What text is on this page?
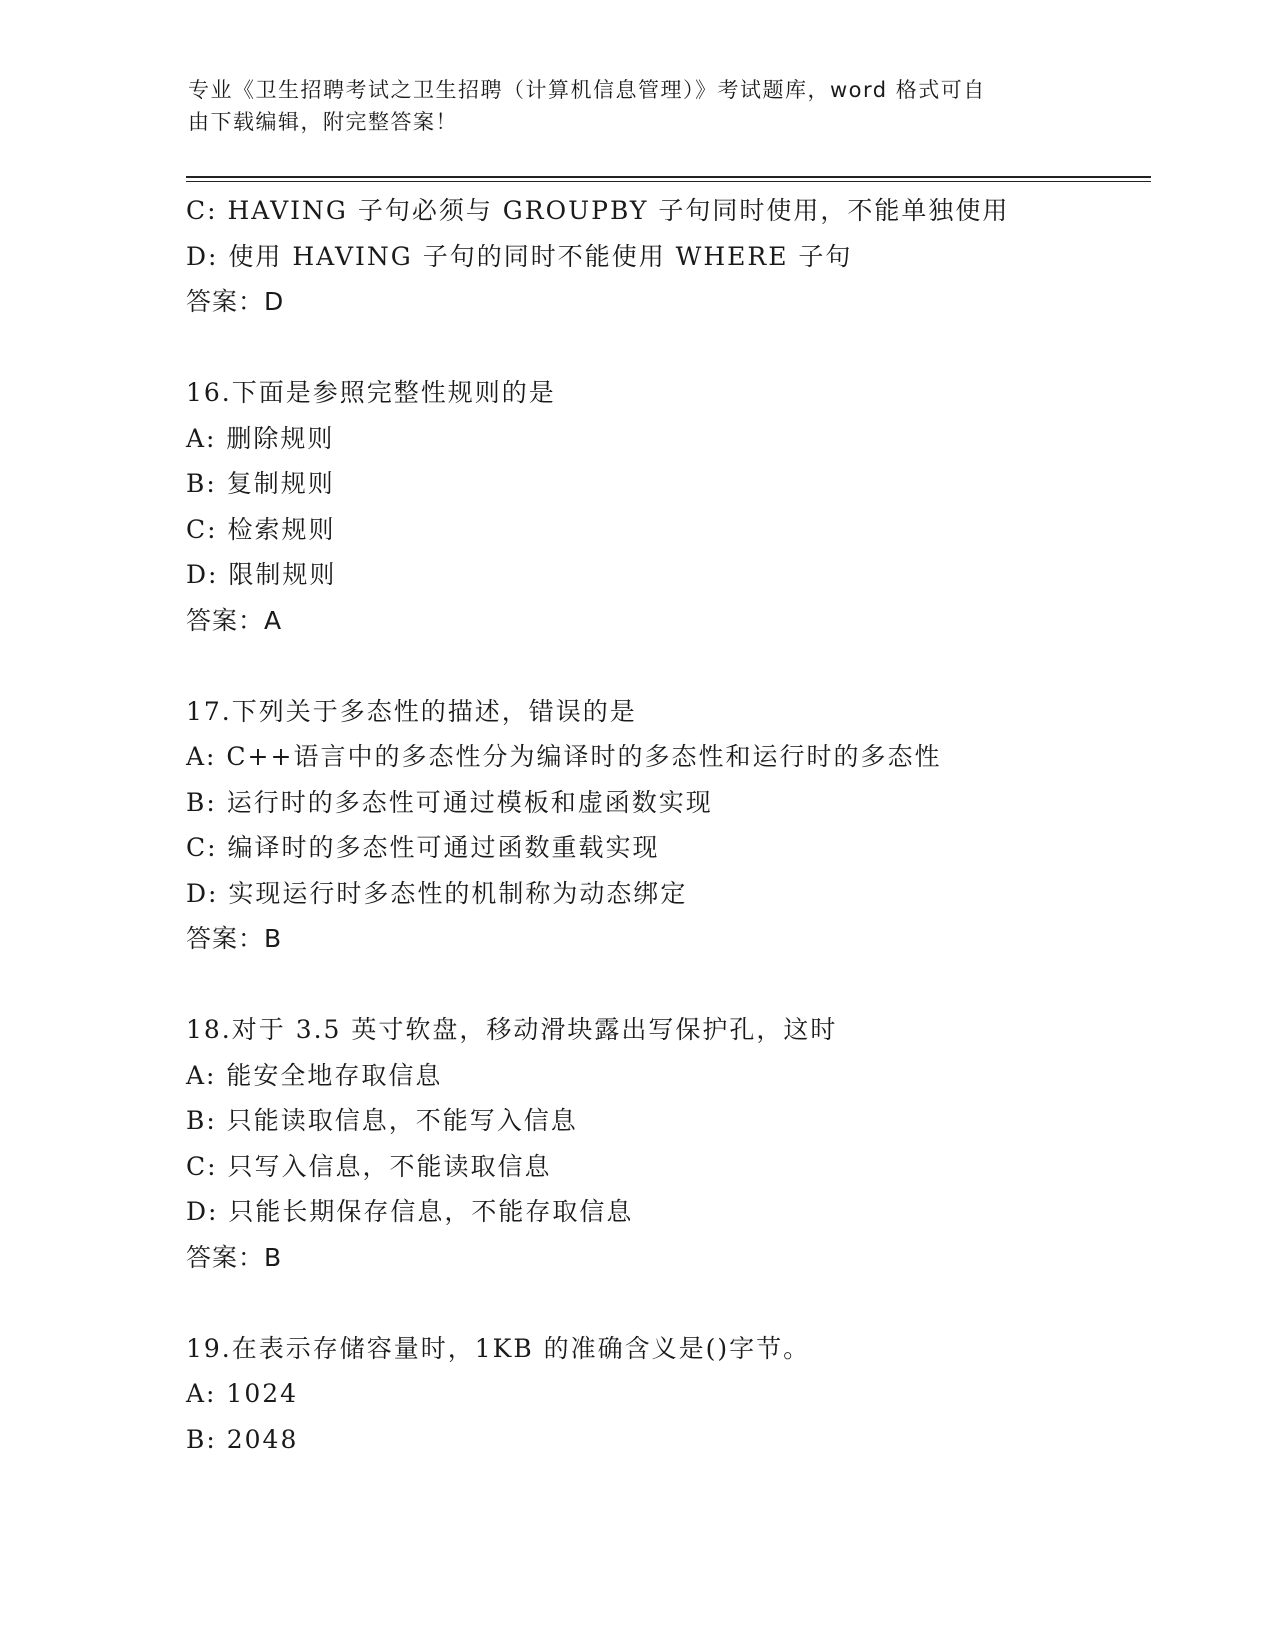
专业《卫生招聘考试之卫生招聘（计算机信息管理）》考试题库，word 格式可自
由下载编辑，附完整答案！
C: HAVING 子句必须与 GROUPBY 子句同时使用，不能单独使用
D: 使用 HAVING 子句的同时不能使用 WHERE 子句
答案：D
16.下面是参照完整性规则的是
A: 删除规则
B: 复制规则
C: 检索规则
D: 限制规则
答案：A
17.下列关于多态性的描述，错误的是
A: C++语言中的多态性分为编译时的多态性和运行时的多态性
B: 运行时的多态性可通过模板和虚函数实现
C: 编译时的多态性可通过函数重载实现
D: 实现运行时多态性的机制称为动态绑定
答案：B
18.对于 3.5 英寸软盘，移动滑块露出写保护孔，这时
A: 能安全地存取信息
B: 只能读取信息，不能写入信息
C: 只写入信息，不能读取信息
D: 只能长期保存信息，不能存取信息
答案：B
19.在表示存储容量时，1KB 的准确含义是()字节。
A: 1024
B: 2048
